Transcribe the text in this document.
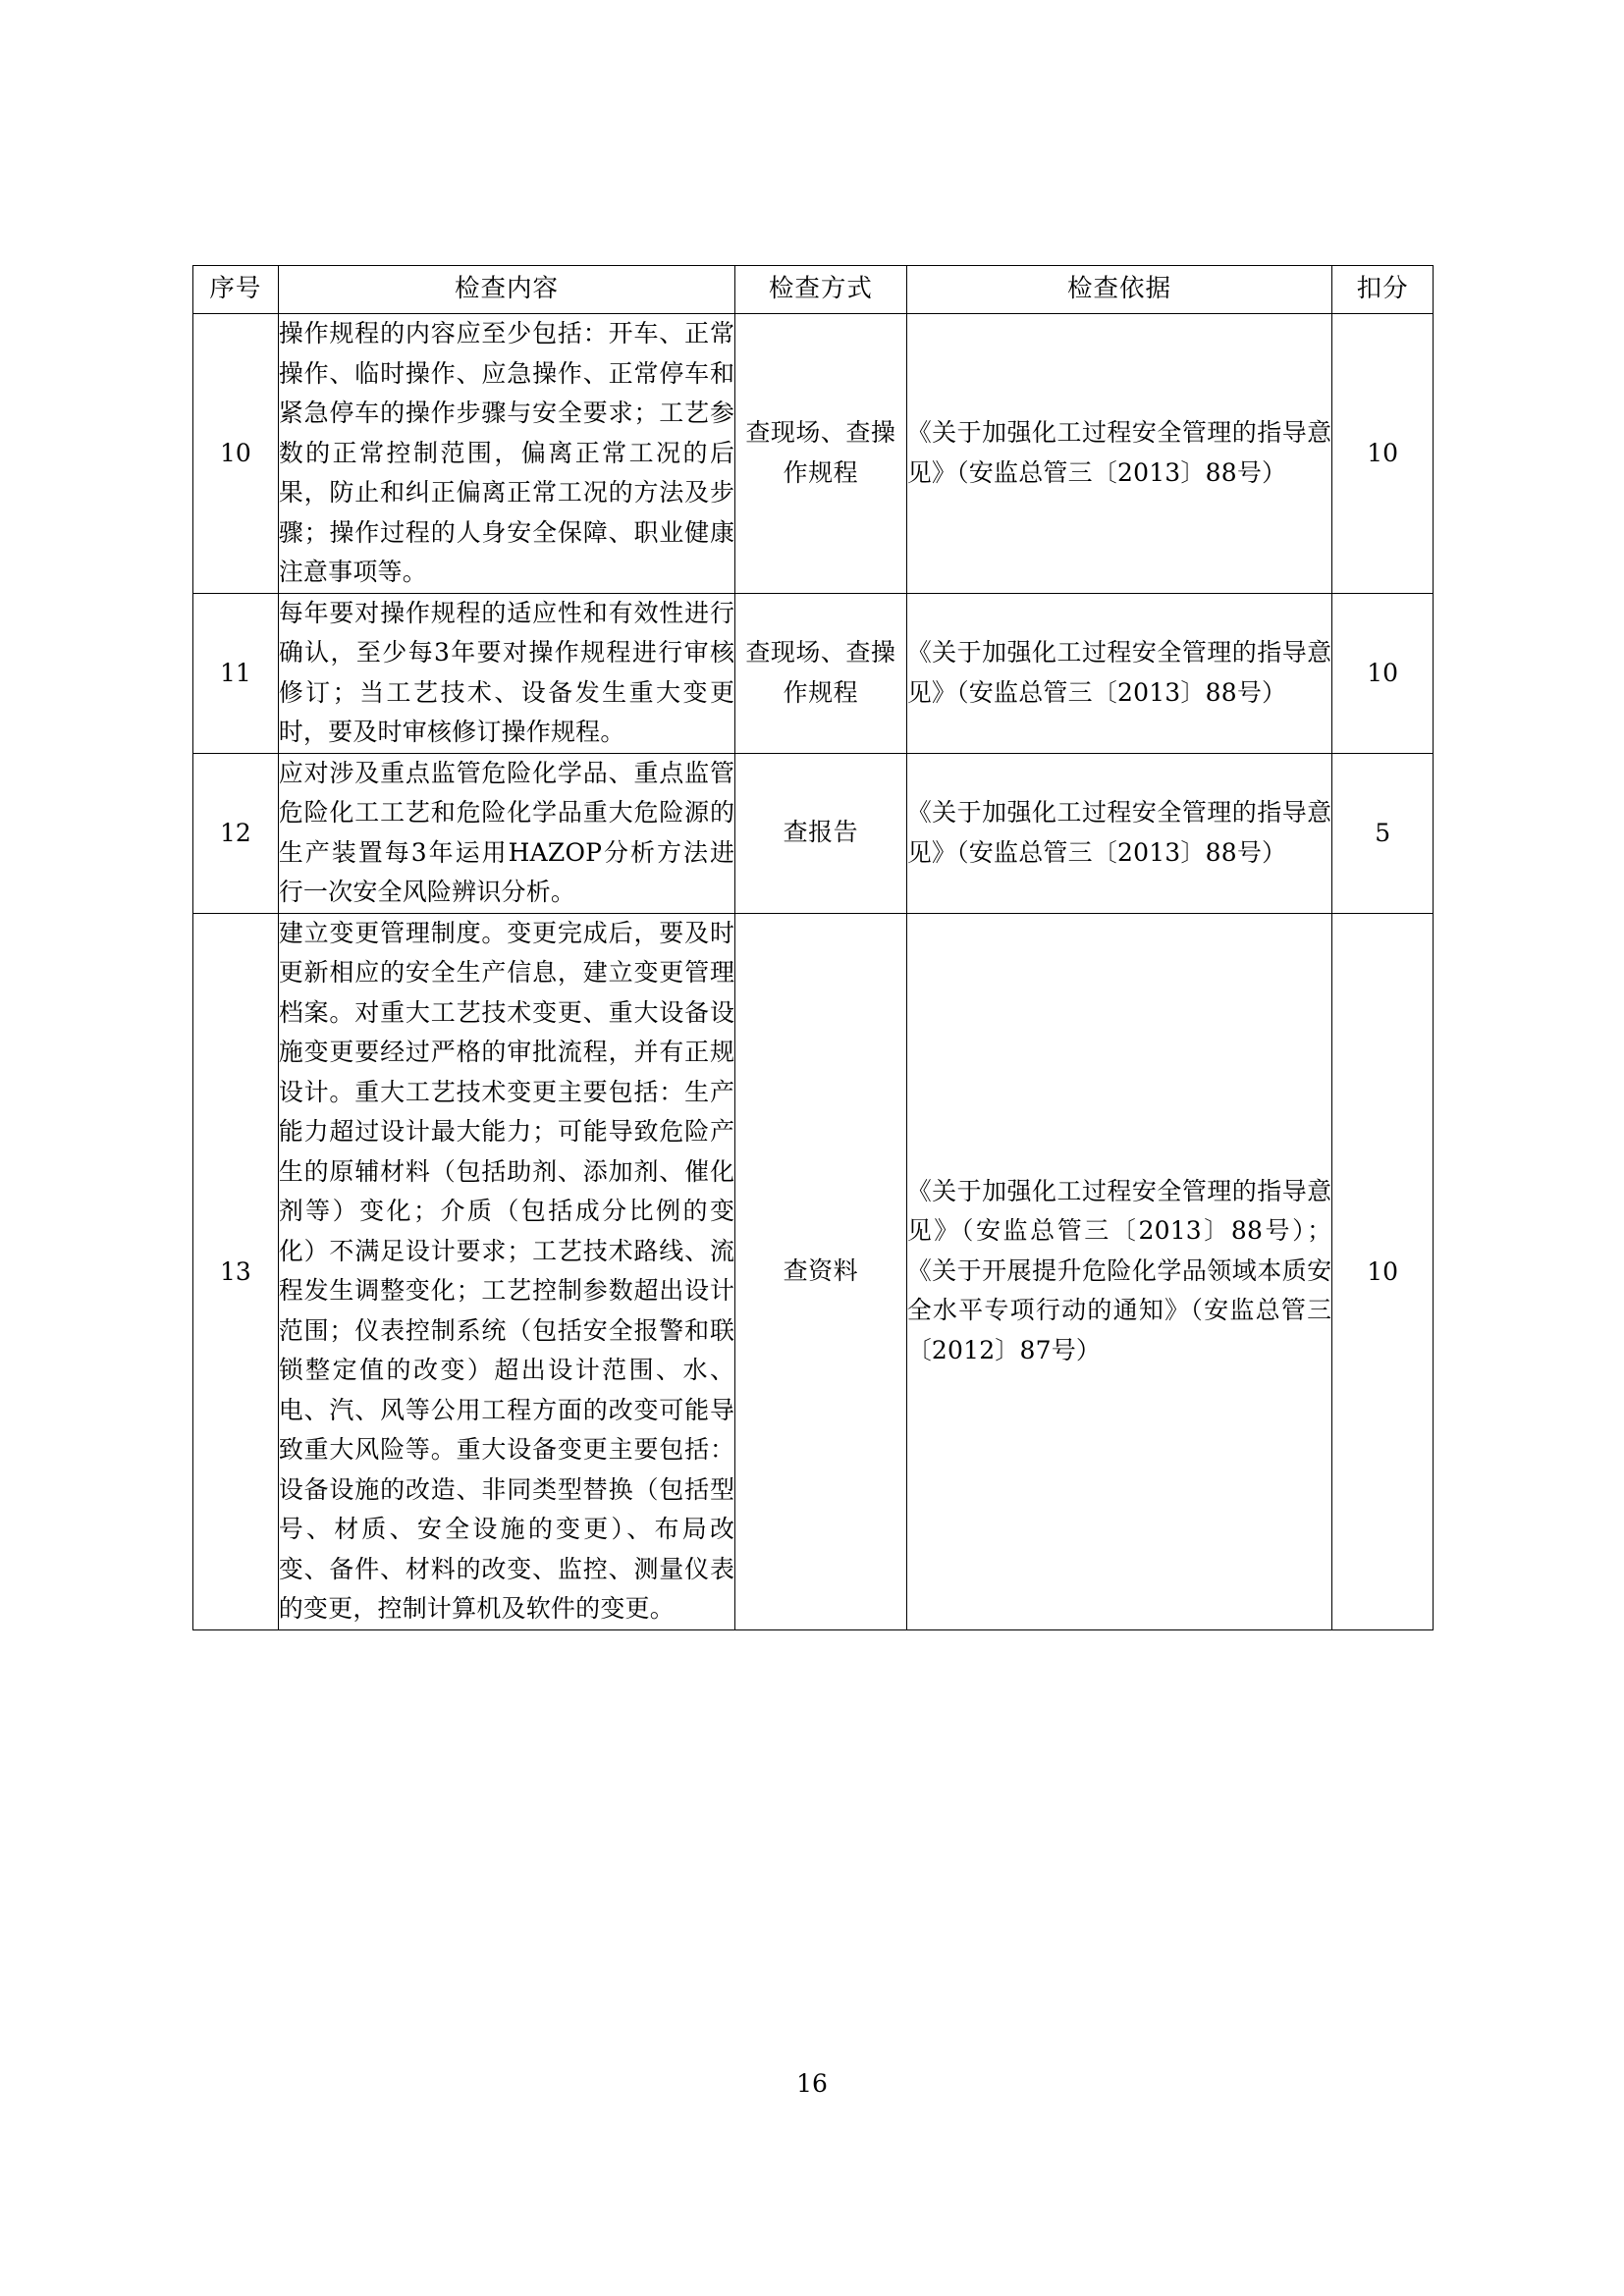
序号	检查内容	检查方式	检查依据	扣分
10	操作规程的内容应至少包括：开车、正常操作、临时操作、应急操作、正常停车和紧急停车的操作步骤与安全要求；工艺参数的正常控制范围，偏离正常工况的后果，防止和纠正偏离正常工况的方法及步骤；操作过程的人身安全保障、职业健康注意事项等。	查现场、查操作规程	《关于加强化工过程安全管理的指导意见》（安监总管三〔2013〕88号）	10
11	每年要对操作规程的适应性和有效性进行确认，至少每3年要对操作规程进行审核修订；当工艺技术、设备发生重大变更时，要及时审核修订操作规程。	查现场、查操作规程	《关于加强化工过程安全管理的指导意见》（安监总管三〔2013〕88号）	10
12	应对涉及重点监管危险化学品、重点监管危险化工工艺和危险化学品重大危险源的生产装置每3年运用HAZOP分析方法进行一次安全风险辨识分析。	查报告	《关于加强化工过程安全管理的指导意见》（安监总管三〔2013〕88号）	5
13	建立变更管理制度。变更完成后，要及时更新相应的安全生产信息，建立变更管理档案。对重大工艺技术变更、重大设备设施变更要经过严格的审批流程，并有正规设计。重大工艺技术变更主要包括：生产能力超过设计最大能力；可能导致危险产生的原辅材料（包括助剂、添加剂、催化剂等）变化；介质（包括成分比例的变化）不满足设计要求；工艺技术路线、流程发生调整变化；工艺控制参数超出设计范围；仪表控制系统（包括安全报警和联锁整定值的改变）超出设计范围、水、电、汽、风等公用工程方面的改变可能导致重大风险等。重大设备变更主要包括：设备设施的改造、非同类型替换（包括型号、材质、安全设施的变更）、布局改变、备件、材料的改变、监控、测量仪表的变更，控制计算机及软件的变更。	查资料	《关于加强化工过程安全管理的指导意见》（安监总管三〔2013〕88号）；《关于开展提升危险化学品领域本质安全水平专项行动的通知》（安监总管三〔2012〕87号）	10
16
